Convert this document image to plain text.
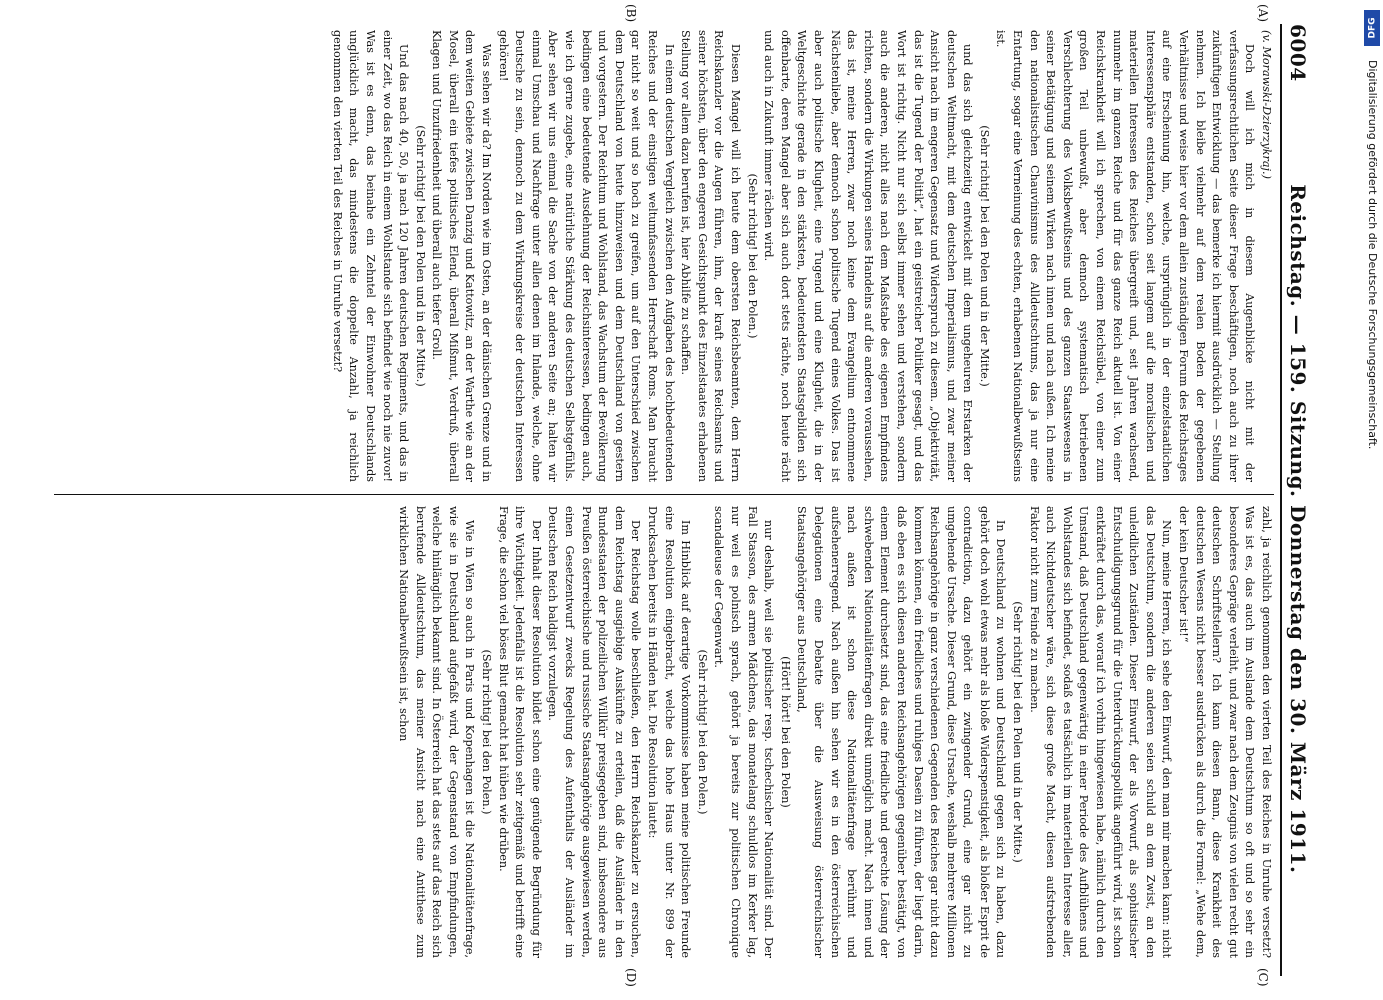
6004
Reichstag. — 159. Sitzung. Donnerstag den 30. März 1911.
(A)
(B)
(C)
(D)

(v. Morawski-Dzierzykraj.)

Doch will ich mich in diesem Augenblicke nicht mit der verfassungsrechtlichen Seite dieser Frage beschäftigen, noch auch zu ihrer zukünftigen Entwicklung — das bemerke ich hiermit ausdrücklich — Stellung nehmen. Ich bleibe vielmehr auf dem realen Boden der gegebenen Verhältnisse und weise hier vor dem allein zuständigen Forum des Reichstages auf eine Erscheinung hin, welche, ursprünglich in der einzelstaatlichen Interessensphäre entstanden, schon seit langem auf die moralischen und materiellen Interessen des Reiches übergreift und, seit Jahren wachsend, nunmehr im ganzen Reiche und für das ganze Reich aktuell ist. Von einer Reichskrankheit will ich sprechen, von einem Reichsübel, von einer zum großen Teil unbewußt, aber dennoch systematisch betriebenen Verschlechterung des Volksbewußtseins und des ganzen Staatswesens in seiner Betätigung und seinem Wirken nach innen und nach außen. Ich meine den nationalistischen Chauvinismus des Alldeutschtums, das ja nur eine Entartung, sogar eine Verneinung des echten, erhabenen Nationalbewußtseins ist.

(Sehr richtig! bei den Polen und in der Mitte.)

und das sich gleichzeitig entwickelt mit dem ungeheuren Erstarken der deutschen Weltmacht, mit dem deutschen Imperialismus, und zwar meiner Ansicht nach im engeren Gegensatz und Widerspruch zu diesem. „Objektivität, das ist die Tugend der Politik“, hat ein geistreicher Politiker gesagt, und das Wort ist richtig. Nicht nur sich selbst immer sehen und verstehen, sondern auch die anderen, nicht alles nach dem Maßstabe des eigenen Empfindens richten, sondern die Wirkungen seines Handelns auf die anderen voraussehen, das ist, meine Herren, zwar noch keine dem Evangelium entnommene Nächstenliebe, aber dennoch schon politische Tugend eines Volkes. Das ist aber auch politische Klugheit, eine Tugend und eine Klugheit, die in der Weltgeschichte gerade in den stärksten, bedeutendsten Staatsgebilden sich offenbarte, deren Mangel aber sich auch dort stets rächte, noch heute rächt und auch in Zukunft immer rächen wird.

(Sehr richtig! bei den Polen.)

Diesen Mangel will ich heute dem obersten Reichsbeamten, dem Herrn Reichskanzler vor die Augen führen, ihm, der kraft seines Reichsamts und seiner höchsten, über den engeren Gesichtspunkt des Einzelstaates erhabenen Stellung vor allem dazu berufen ist, hier Abhilfe zu schaffen.

In einem deutschen Vergleich zwischen den Aufgaben des hochbedeutenden Reiches und der einstigen weltumfassenden Herrschaft Roms. Man braucht gar nicht so weit und so hoch zu greifen, um auf den Unterschied zwischen dem Deutschland von heute hinzuweisen und dem Deutschland von gestern und vorgestern. Der Reichtum und Wohlstand, das Wachstum der Bevölkerung bedingen eine bedeutende Ausdehnung der Reichsinteressen, bedingen auch, wie ich gerne zugebe, eine natürliche Stärkung des deutschen Selbstgefühls. Aber sehen wir uns einmal die Sache von der anderen Seite an; halten wir einmal Umschau und Nachfrage unter allen denen im Inlande, welche, ohne Deutsche zu sein, dennoch zu dem Wirkungskreise der deutschen Interessen gehören!

Was sehen wir da? Im Norden wie im Osten, an der dänischen Grenze und in dem weiten Gebiete zwischen Danzig und Kattowitz, an der Warthe wie an der Mosel, überall ein tiefes politisches Elend, überall Mißmut, Verdruß, überall Klagen und Unzufriedenheit und überall auch tiefer Groll.

(Sehr richtig! bei den Polen und in der Mitte.)

Und das nach 40, 50, ja nach 120 Jahren deutschen Regiments, und das in einer Zeit, wo das Reich in einem Wohlstande sich befindet wie noch nie zuvor! Was ist es denn, das beinahe ein Zehntel der Einwohner Deutschlands unglücklich macht, das mindestens die doppelte Anzahl, ja reichlich genommen den vierten Teil des Reiches in Unruhe versetzt?

zahl, ja reichlich genommen den vierten Teil des Reiches in Unruhe versetzt? Was ist es, das auch im Auslande dem Deutschtum so oft und so sehr ein besonderes Gepräge verleiht, und zwar nach dem Zeugnis von vielen recht gut deutschen Schriftstellern? Ich kann diesen Bann, diese Krankheit des deutschen Wesens nicht besser ausdrücken als durch die Formel: „Wehe dem, der kein Deutscher ist!“

Nun, meine Herren, ich sehe den Einwurf, den man mir machen kann: nicht das Deutschtum, sondern die anderen seien schuld an dem Zwist, an den unleidlichen Zuständen. Dieser Einwurf, der als Vorwurf, als sophistischer Entschuldigungsgrund für die Unterdrückungspolitik angeführt wird, ist schon entkräftet durch das, worauf ich vorhin hingewiesen habe, nämlich durch den Umstand, daß Deutschland gegenwärtig in einer Periode des Aufblühens und Wohlstandes sich befindet, sodaß es tatsächlich im materiellen Interesse aller, auch Nichtdeutscher wäre, sich diese große Macht, diesen aufstrebenden Faktor nicht zum Feinde zu machen.

(Sehr richtig! bei den Polen und in der Mitte.)

In Deutschland zu wohnen und Deutschland gegen sich zu haben, dazu gehört doch wohl etwas mehr als bloße Widerspenstigkeit, als bloßer Esprit de contradiction, dazu gehört ein zwingender Grund, eine gar nicht zu umgehende Ursache. Dieser Grund, diese Ursache, weshalb mehrere Millionen Reichsangehörige in ganz verschiedenen Gegenden des Reiches gar nicht dazu kommen können, ein friedliches und ruhiges Dasein zu führen, der liegt darin, daß eben es sich diesen anderen Reichsangehörigen gegenüber bestätigt, von einem Element durchsetzt sind, das eine friedliche und gerechte Lösung der schwebenden Nationalitätenfragen direkt unmöglich macht. Nach innen und nach außen ist schon diese Nationalitätenfrage berühmt und aufsehenerregend. Nach außen hin sehen wir es in den österreichischen Delegationen eine Debatte über die Ausweisung österreichischer Staatsangehöriger aus Deutschland,

(Hört! hört! bei den Polen)

nur deshalb, weil sie politischer resp. tschechischer Nationalität sind. Der Fall Stasson, des armen Mädchens, das monatelang schuldlos im Kerker lag, nur weil es polnisch sprach, gehört ja bereits zur politischen Chronique scandaleuse der Gegenwart.

(Sehr richtig! bei den Polen.)

Im Hinblick auf derartige Vorkommnisse haben meine politischen Freunde eine Resolution eingebracht, welche das hohe Haus unter Nr. 899 der Drucksachen bereits in Händen hat. Die Resolution lautet:

Der Reichstag wolle beschließen, den Herrn Reichskanzler zu ersuchen, dem Reichstag ausgiebige Auskünfte zu erteilen, daß die Ausländer in den Bundesstaaten der polizeilichen Willkür preisgegeben sind, insbesondere aus Preußen österreichische und russische Staatsangehörige ausgewiesen werden, einen Gesetzentwurf zwecks Regelung des Aufenthalts der Ausländer im Deutschen Reich baldigst vorzulegen.

Der Inhalt dieser Resolution bildet schon eine genügende Begründung für ihre Wichtigkeit. Jedenfalls ist die Resolution sehr zeitgemäß und betrifft eine Frage, die schon viel böses Blut gemacht hat hüben wie drüben.

(Sehr richtig! bei den Polen.)

Wie in Wien so auch in Paris und Kopenhagen ist die Nationalitätenfrage, wie sie in Deutschland aufgefaßt wird, der Gegenstand von Empfindungen, welche hinlänglich bekannt sind. In Österreich hat das stets auf das Reich sich berufende Alldeutschtum, das meiner Ansicht nach eine Antithese zum wirklichen Nationalbewußtsein ist, schon

DFG
Digitalisierung gefördert durch die Deutsche Forschungsgemeinschaft.
